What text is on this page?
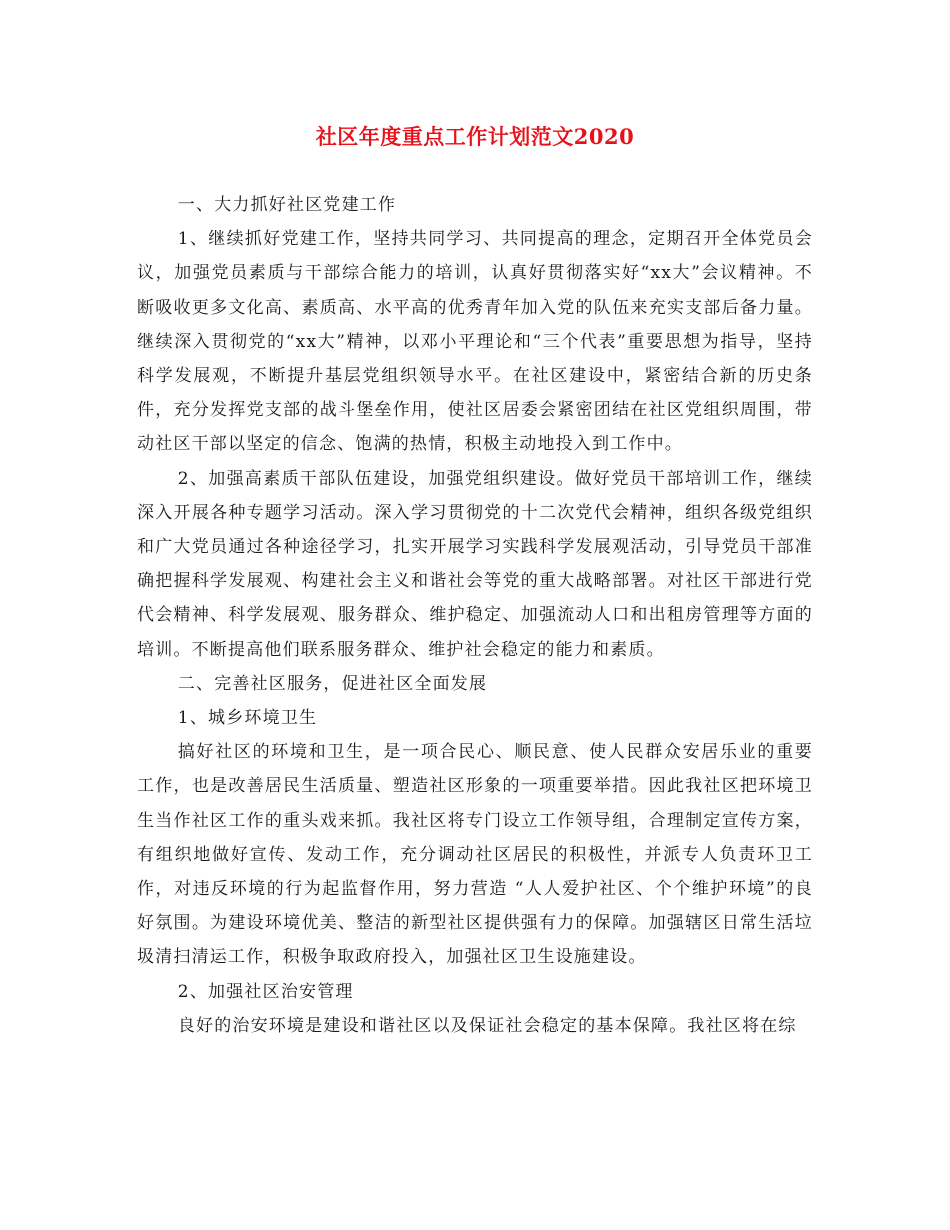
社区年度重点工作计划范文2020

一、大力抓好社区党建工作

1、继续抓好党建工作，坚持共同学习、共同提高的理念，定期召开全体党员会议，加强党员素质与干部综合能力的培训，认真好贯彻落实好“xx大”会议精神。不断吸收更多文化高、素质高、水平高的优秀青年加入党的队伍来充实支部后备力量。继续深入贯彻党的“xx大”精神，以邓小平理论和“三个代表”重要思想为指导，坚持科学发展观，不断提升基层党组织领导水平。在社区建设中，紧密结合新的历史条件，充分发挥党支部的战斗堡垒作用，使社区居委会紧密团结在社区党组织周围，带动社区干部以坚定的信念、饱满的热情，积极主动地投入到工作中。

2、加强高素质干部队伍建设，加强党组织建设。做好党员干部培训工作，继续深入开展各种专题学习活动。深入学习贯彻党的十二次党代会精神，组织各级党组织和广大党员通过各种途径学习，扎实开展学习实践科学发展观活动，引导党员干部准确把握科学发展观、构建社会主义和谐社会等党的重大战略部署。对社区干部进行党代会精神、科学发展观、服务群众、维护稳定、加强流动人口和出租房管理等方面的培训。不断提高他们联系服务群众、维护社会稳定的能力和素质。

二、完善社区服务，促进社区全面发展

1、城乡环境卫生

搞好社区的环境和卫生，是一项合民心、顺民意、使人民群众安居乐业的重要工作，也是改善居民生活质量、塑造社区形象的一项重要举措。因此我社区把环境卫生当作社区工作的重头戏来抓。我社区将专门设立工作领导组，合理制定宣传方案，有组织地做好宣传、发动工作，充分调动社区居民的积极性，并派专人负责环卫工作，对违反环境的行为起监督作用，努力营造 “人人爱护社区、个个维护环境”的良好氛围。为建设环境优美、整洁的新型社区提供强有力的保障。加强辖区日常生活垃圾清扫清运工作，积极争取政府投入，加强社区卫生设施建设。

2、加强社区治安管理

良好的治安环境是建设和谐社区以及保证社会稳定的基本保障。我社区将在综
